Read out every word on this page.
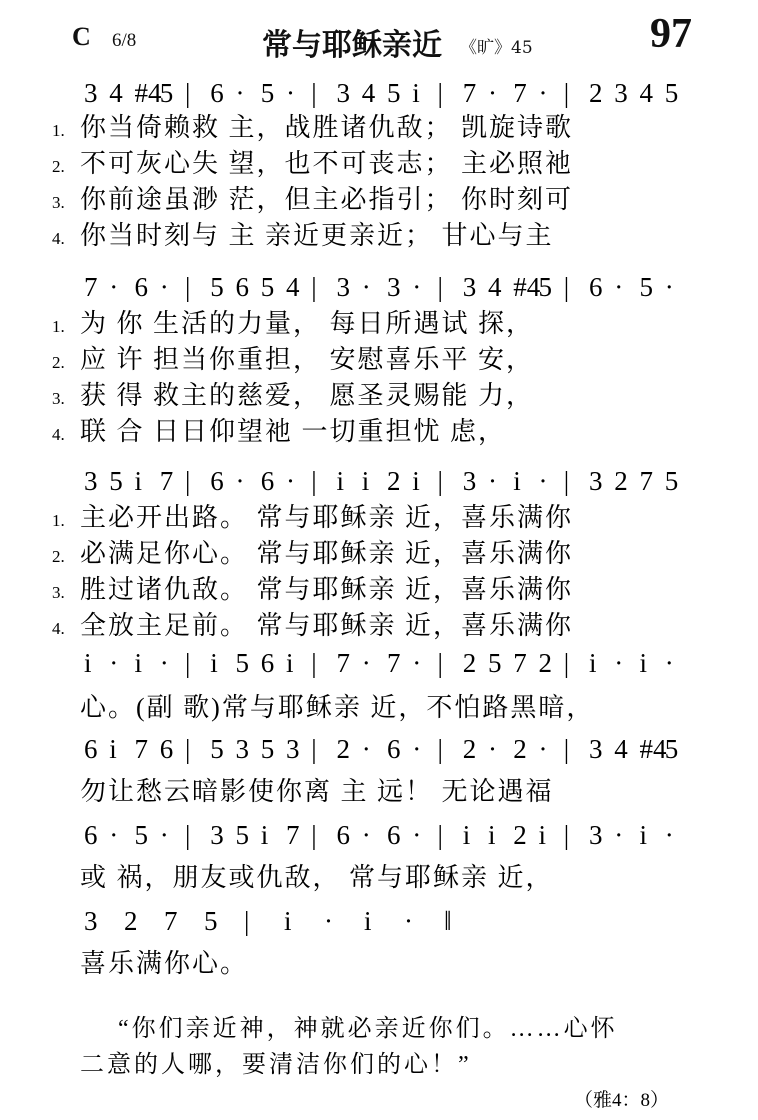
C 6/8	常与耶稣亲近 《旷》45	97
3 4 #4
5 | 6 · 5 · | 3 4 5 i | 7 · 7 · | 2 3 4 5
7 · 6 · | 5 6 5 4 | 3 · 3 · | 3 4 #4
5 | 6 · 5 ·
3 5 i 7 | 6 · 6 · | i i 2 i | 3 · i · | 3 2 7 5
i · i · | i 5 6 i | 7 · 7 · | 2 5 7 2 | i · i ·
6 i 7 6 | 5 3 5 3 | 2 · 6 · | 2 · 2 · | 3 4 #4
5
6 · 5 · | 3 5 i 7 | 6 · 6 · | i i 2 i | 3 · i ·
3 2 7 5 | i · i · ‖
1. 你当倚赖救 主，战胜诸仇敌； 凯旋诗歌
2. 不可灰心失 望，也不可丧志； 主必照祂
3. 你前途虽渺 茫，但主必指引； 你时刻可
4. 你当时刻与 主 亲近更亲近； 甘心与主
1. 为 你 生活的力量， 每日所遇试 探，
2. 应 许 担当你重担， 安慰喜乐平 安，
3. 获 得 救主的慈爱， 愿圣灵赐能 力，
4. 联 合 日日仰望祂 一切重担忧 虑，
1. 主必开出路。 常与耶稣亲 近，喜乐满你
2. 必满足你心。 常与耶稣亲 近，喜乐满你
3. 胜过诸仇敌。 常与耶稣亲 近，喜乐满你
4. 全放主足前。 常与耶稣亲 近，喜乐满你
心。(副 歌)常与耶稣亲 近，不怕路黑暗，
勿让愁云暗影使你离 主 远！ 无论遇福
或 祸，朋友或仇敌， 常与耶稣亲 近，
喜乐满你心。
“你们亲近神，神就必亲近你们。……心怀
二意的人哪，要清洁你们的心！”
（雅4：8）
